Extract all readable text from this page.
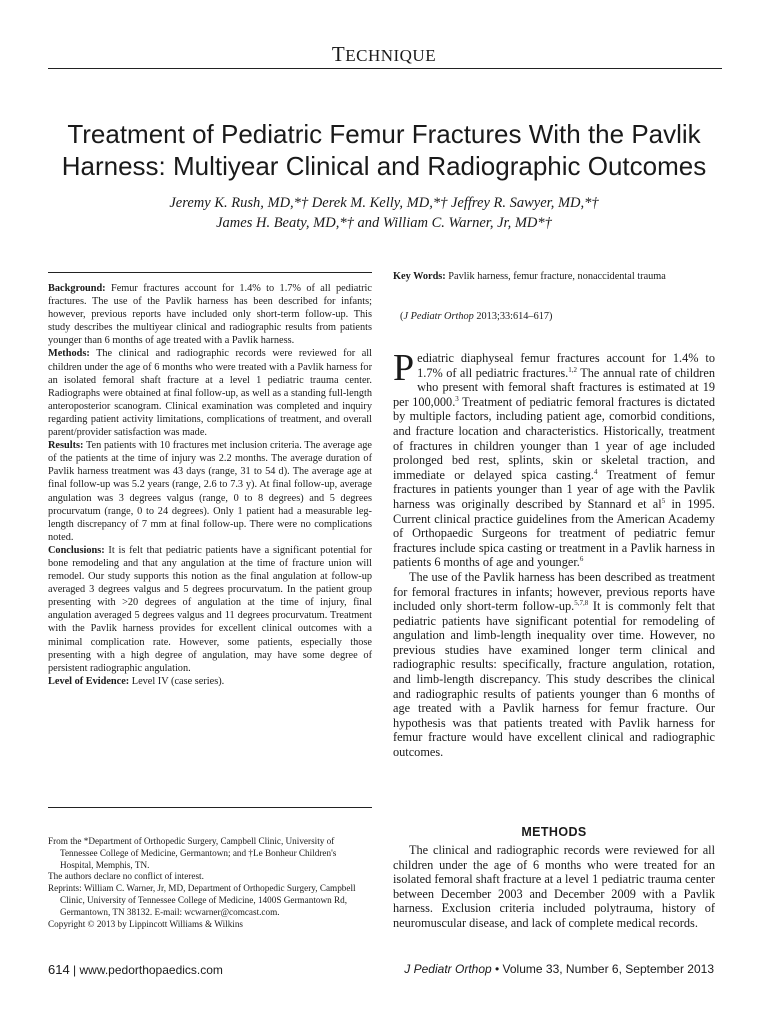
TECHNIQUE
Treatment of Pediatric Femur Fractures With the Pavlik
Harness: Multiyear Clinical and Radiographic Outcomes
Jeremy K. Rush, MD,*† Derek M. Kelly, MD,*† Jeffrey R. Sawyer, MD,*†
James H. Beaty, MD,*† and William C. Warner, Jr, MD*†

Background: Femur fractures account for 1.4% to 1.7% of all pediatric fractures. The use of the Pavlik harness has been described for infants; however, previous reports have included only short-term follow-up. This study describes the multiyear clinical and radiographic results from patients younger than 6 months of age treated with a Pavlik harness.

Methods: The clinical and radiographic records were reviewed for all children under the age of 6 months who were treated with a Pavlik harness for an isolated femoral shaft fracture at a level 1 pediatric trauma center. Radiographs were obtained at final follow-up, as well as a standing full-length anteroposterior scanogram. Clinical examination was completed and inquiry regarding patient activity limitations, complications of treatment, and overall parent/provider satisfaction was made.

Results: Ten patients with 10 fractures met inclusion criteria. The average age of the patients at the time of injury was 2.2 months. The average duration of Pavlik harness treatment was 43 days (range, 31 to 54 d). The average age at final follow-up was 5.2 years (range, 2.6 to 7.3 y). At final follow-up, average angulation was 3 degrees valgus (range, 0 to 8 degrees) and 5 degrees procurvatum (range, 0 to 24 degrees). Only 1 patient had a measurable leg-length discrepancy of 7 mm at final follow-up. There were no complications noted.

Conclusions: It is felt that pediatric patients have a significant potential for bone remodeling and that any angulation at the time of fracture union will remodel. Our study supports this notion as the final angulation at follow-up averaged 3 degrees valgus and 5 degrees procurvatum. In the patient group presenting with >20 degrees of angulation at the time of injury, final angulation averaged 5 degrees valgus and 11 degrees procurvatum. Treatment with the Pavlik harness provides for excellent clinical outcomes with a minimal complication rate. However, some patients, especially those presenting with a high degree of angulation, may have some degree of persistent radiographic angulation.

Level of Evidence: Level IV (case series).

From the *Department of Orthopedic Surgery, Campbell Clinic, University of Tennessee College of Medicine, Germantown; and †Le Bonheur Children's Hospital, Memphis, TN.

The authors declare no conflict of interest.

Reprints: William C. Warner, Jr, MD, Department of Orthopedic Surgery, Campbell Clinic, University of Tennessee College of Medicine, 1400S Germantown Rd, Germantown, TN 38132. E-mail: wcwarner@comcast.com.

Copyright © 2013 by Lippincott Williams & Wilkins

Key Words: Pavlik harness, femur fracture, nonaccidental trauma
(J Pediatr Orthop 2013;33:614–617)

Pediatric diaphyseal femur fractures account for 1.4% to 1.7% of all pediatric fractures.$^{1,2}$ The annual rate of children who present with femoral shaft fractures is estimated at 19 per 100,000.$^3$ Treatment of pediatric femoral fractures is dictated by multiple factors, including patient age, comorbid conditions, and fracture location and characteristics. Historically, treatment of fractures in children younger than 1 year of age included prolonged bed rest, splints, skin or skeletal traction, and immediate or delayed spica casting.$^4$ Treatment of femur fractures in patients younger than 1 year of age with the Pavlik harness was originally described by Stannard et $al^5$ in 1995. Current clinical practice guidelines from the American Academy of Orthopaedic Surgeons for treatment of pediatric femur fractures include spica casting or treatment in a Pavlik harness in patients 6 months of age and younger.$^6$

The use of the Pavlik harness has been described as treatment for femoral fractures in infants; however, previous reports have included only short-term follow-up.$^{5,7,8}$ It is commonly felt that pediatric patients have significant potential for remodeling of angulation and limb-length inequality over time. However, no previous studies have examined longer term clinical and radiographic results: specifically, fracture angulation, rotation, and limb-length discrepancy. This study describes the clinical and radiographic results of patients younger than 6 months of age treated with a Pavlik harness for femur fracture. Our hypothesis was that patients treated with Pavlik harness for femur fracture would have excellent clinical and radiographic outcomes.

METHODS

The clinical and radiographic records were reviewed for all children under the age of 6 months who were treated for an isolated femoral shaft fracture at a level 1 pediatric trauma center between December 2003 and December 2009 with a Pavlik harness. Exclusion criteria included polytrauma, history of neuromuscular disease, and lack of complete medical records.

614 | www.pedorthopaedics.com	J Pediatr Orthop • Volume 33, Number 6, September 2013
